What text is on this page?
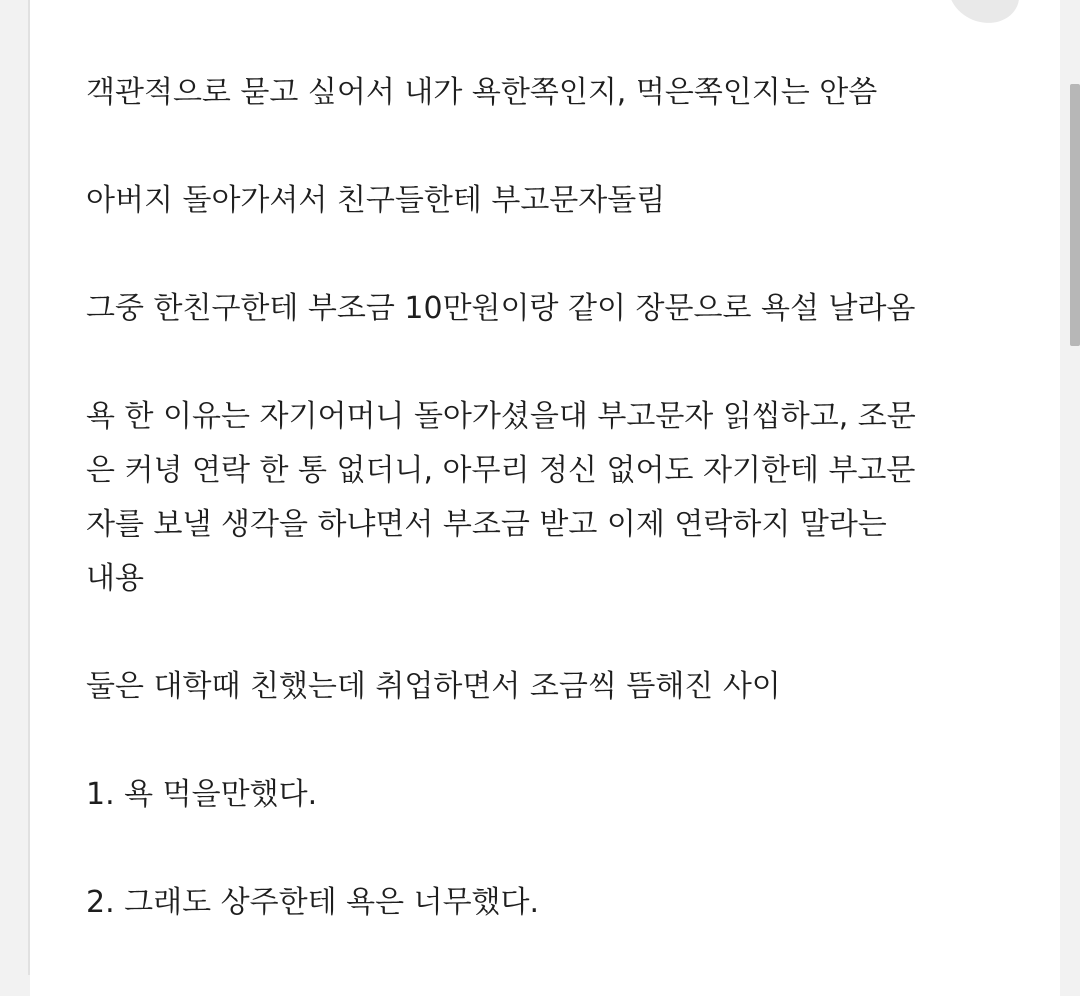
객관적으로 묻고 싶어서 내가 욕한쪽인지, 먹은쪽인지는 안씀

아버지 돌아가셔서 친구들한테 부고문자돌림

그중 한친구한테 부조금 10만원이랑 같이 장문으로 욕설 날라옴

욕 한 이유는 자기어머니 돌아가셨을대 부고문자 읽씹하고, 조문
은 커녕 연락 한 통 없더니, 아무리 정신 없어도 자기한테 부고문
자를 보낼 생각을 하냐면서 부조금 받고 이제 연락하지 말라는
내용

둘은 대학때 친했는데 취업하면서 조금씩 뜸해진 사이

1. 욕 먹을만했다.

2. 그래도 상주한테 욕은 너무했다.
